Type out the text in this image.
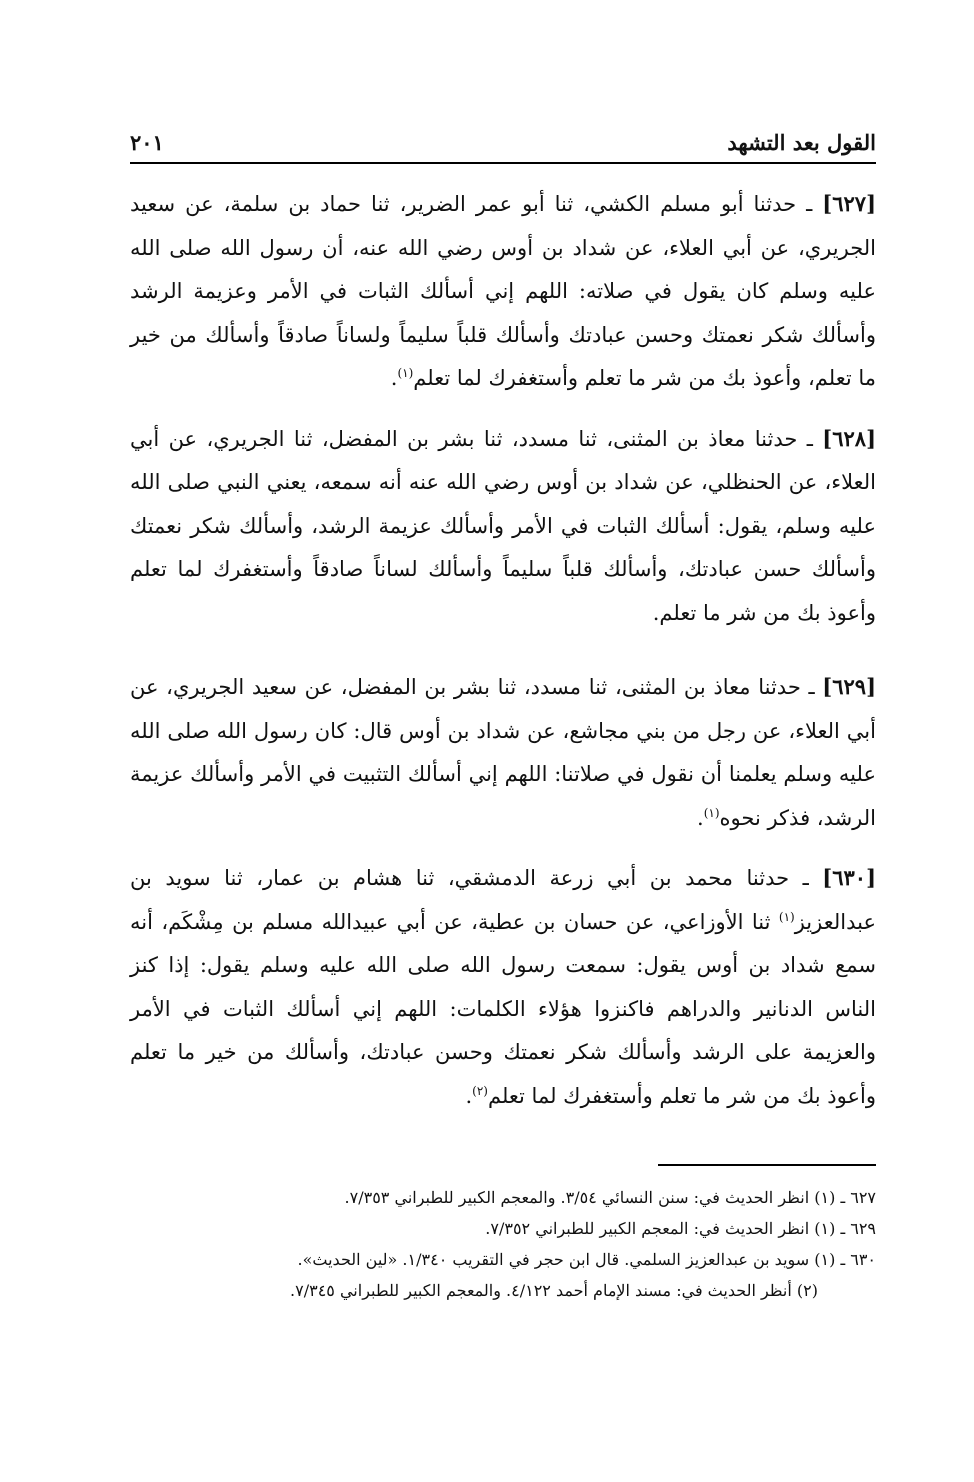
القول بعد التشهد
٢٠١

[٦٢٧] ـ حدثنا أبو مسلم الكشي، ثنا أبو عمر الضرير، ثنا حماد بن سلمة، عن سعيد الجريري، عن أبي العلاء، عن شداد بن أوس رضي الله عنه، أن رسول الله صلى الله عليه وسلم كان يقول في صلاته: اللهم إني أسألك الثبات في الأمر وعزيمة الرشد وأسألك شكر نعمتك وحسن عبادتك وأسألك قلباً سليماً ولساناً صادقاً وأسألك من خير ما تعلم، وأعوذ بك من شر ما تعلم وأستغفرك لما تعلم$^{(١)}$.

[٦٢٨] ـ حدثنا معاذ بن المثنى، ثنا مسدد، ثنا بشر بن المفضل، ثنا الجريري، عن أبي العلاء، عن الحنظلي، عن شداد بن أوس رضي الله عنه أنه سمعه، يعني النبي صلى الله عليه وسلم، يقول: أسألك الثبات في الأمر وأسألك عزيمة الرشد، وأسألك شكر نعمتك وأسألك حسن عبادتك، وأسألك قلباً سليماً وأسألك لساناً صادقاً وأستغفرك لما تعلم وأعوذ بك من شر ما تعلم.

[٦٢٩] ـ حدثنا معاذ بن المثنى، ثنا مسدد، ثنا بشر بن المفضل، عن سعيد الجريري، عن أبي العلاء، عن رجل من بني مجاشع، عن شداد بن أوس قال: كان رسول الله صلى الله عليه وسلم يعلمنا أن نقول في صلاتنا: اللهم إني أسألك التثبيت في الأمر وأسألك عزيمة الرشد، فذكر نحوه$^{(١)}$.

[٦٣٠] ـ حدثنا محمد بن أبي زرعة الدمشقي، ثنا هشام بن عمار، ثنا سويد بن عبدالعزيز$^{(١)}$ ثنا الأوزاعي، عن حسان بن عطية، عن أبي عبيدالله مسلم بن مِشْكَم، أنه سمع شداد بن أوس يقول: سمعت رسول الله صلى الله عليه وسلم يقول: إذا كنز الناس الدنانير والدراهم فاكنزوا هؤلاء الكلمات: اللهم إني أسألك الثبات في الأمر والعزيمة على الرشد وأسألك شكر نعمتك وحسن عبادتك، وأسألك من خير ما تعلم وأعوذ بك من شر ما تعلم وأستغفرك لما تعلم$^{(٢)}$.

٦٢٧ ـ (١) انظر الحديث في: سنن النسائي ٣/٥٤. والمعجم الكبير للطبراني ٧/٣٥٣.
٦٢٩ ـ (١) انظر الحديث في: المعجم الكبير للطبراني ٧/٣٥٢.
٦٣٠ ـ (١) سويد بن عبدالعزيز السلمي. قال ابن حجر في التقريب ١/٣٤٠. «لين الحديث».
(٢) أنظر الحديث في: مسند الإمام أحمد ٤/١٢٢. والمعجم الكبير للطبراني ٧/٣٤٥.
